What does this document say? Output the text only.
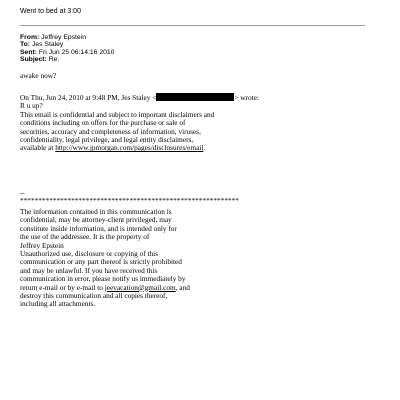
Went to bed at 3:00
From: Jeffrey Epstein
To: Jes Staley
Sent: Fri Jun 25 06:14:16 2010
Subject: Re:
awake now?
On Thu, Jun 24, 2010 at 9:48 PM, Jes Staley <	> wrote:
R u up?
This email is confidential and subject to important disclaimers and
conditions including on offers for the purchase or sale of
securities, accuracy and completeness of information, viruses,
confidentiality, legal privilege, and legal entity disclaimers,
available at http://www.jpmorgan.com/pages/disclosures/email.
--
************************************************************
The information contained in this communication is
confidential, may be attorney-client privileged, may
constitute inside information, and is intended only for
the use of the addressee. It is the property of
Jeffrey Epstein
Unauthorized use, disclosure or copying of this
communication or any part thereof is strictly prohibited
and may be unlawful. If you have received this
communication in error, please notify us immediately by
return e-mail or by e-mail to jeevacation@gmail.com, and
destroy this communication and all copies thereof,
including all attachments.
